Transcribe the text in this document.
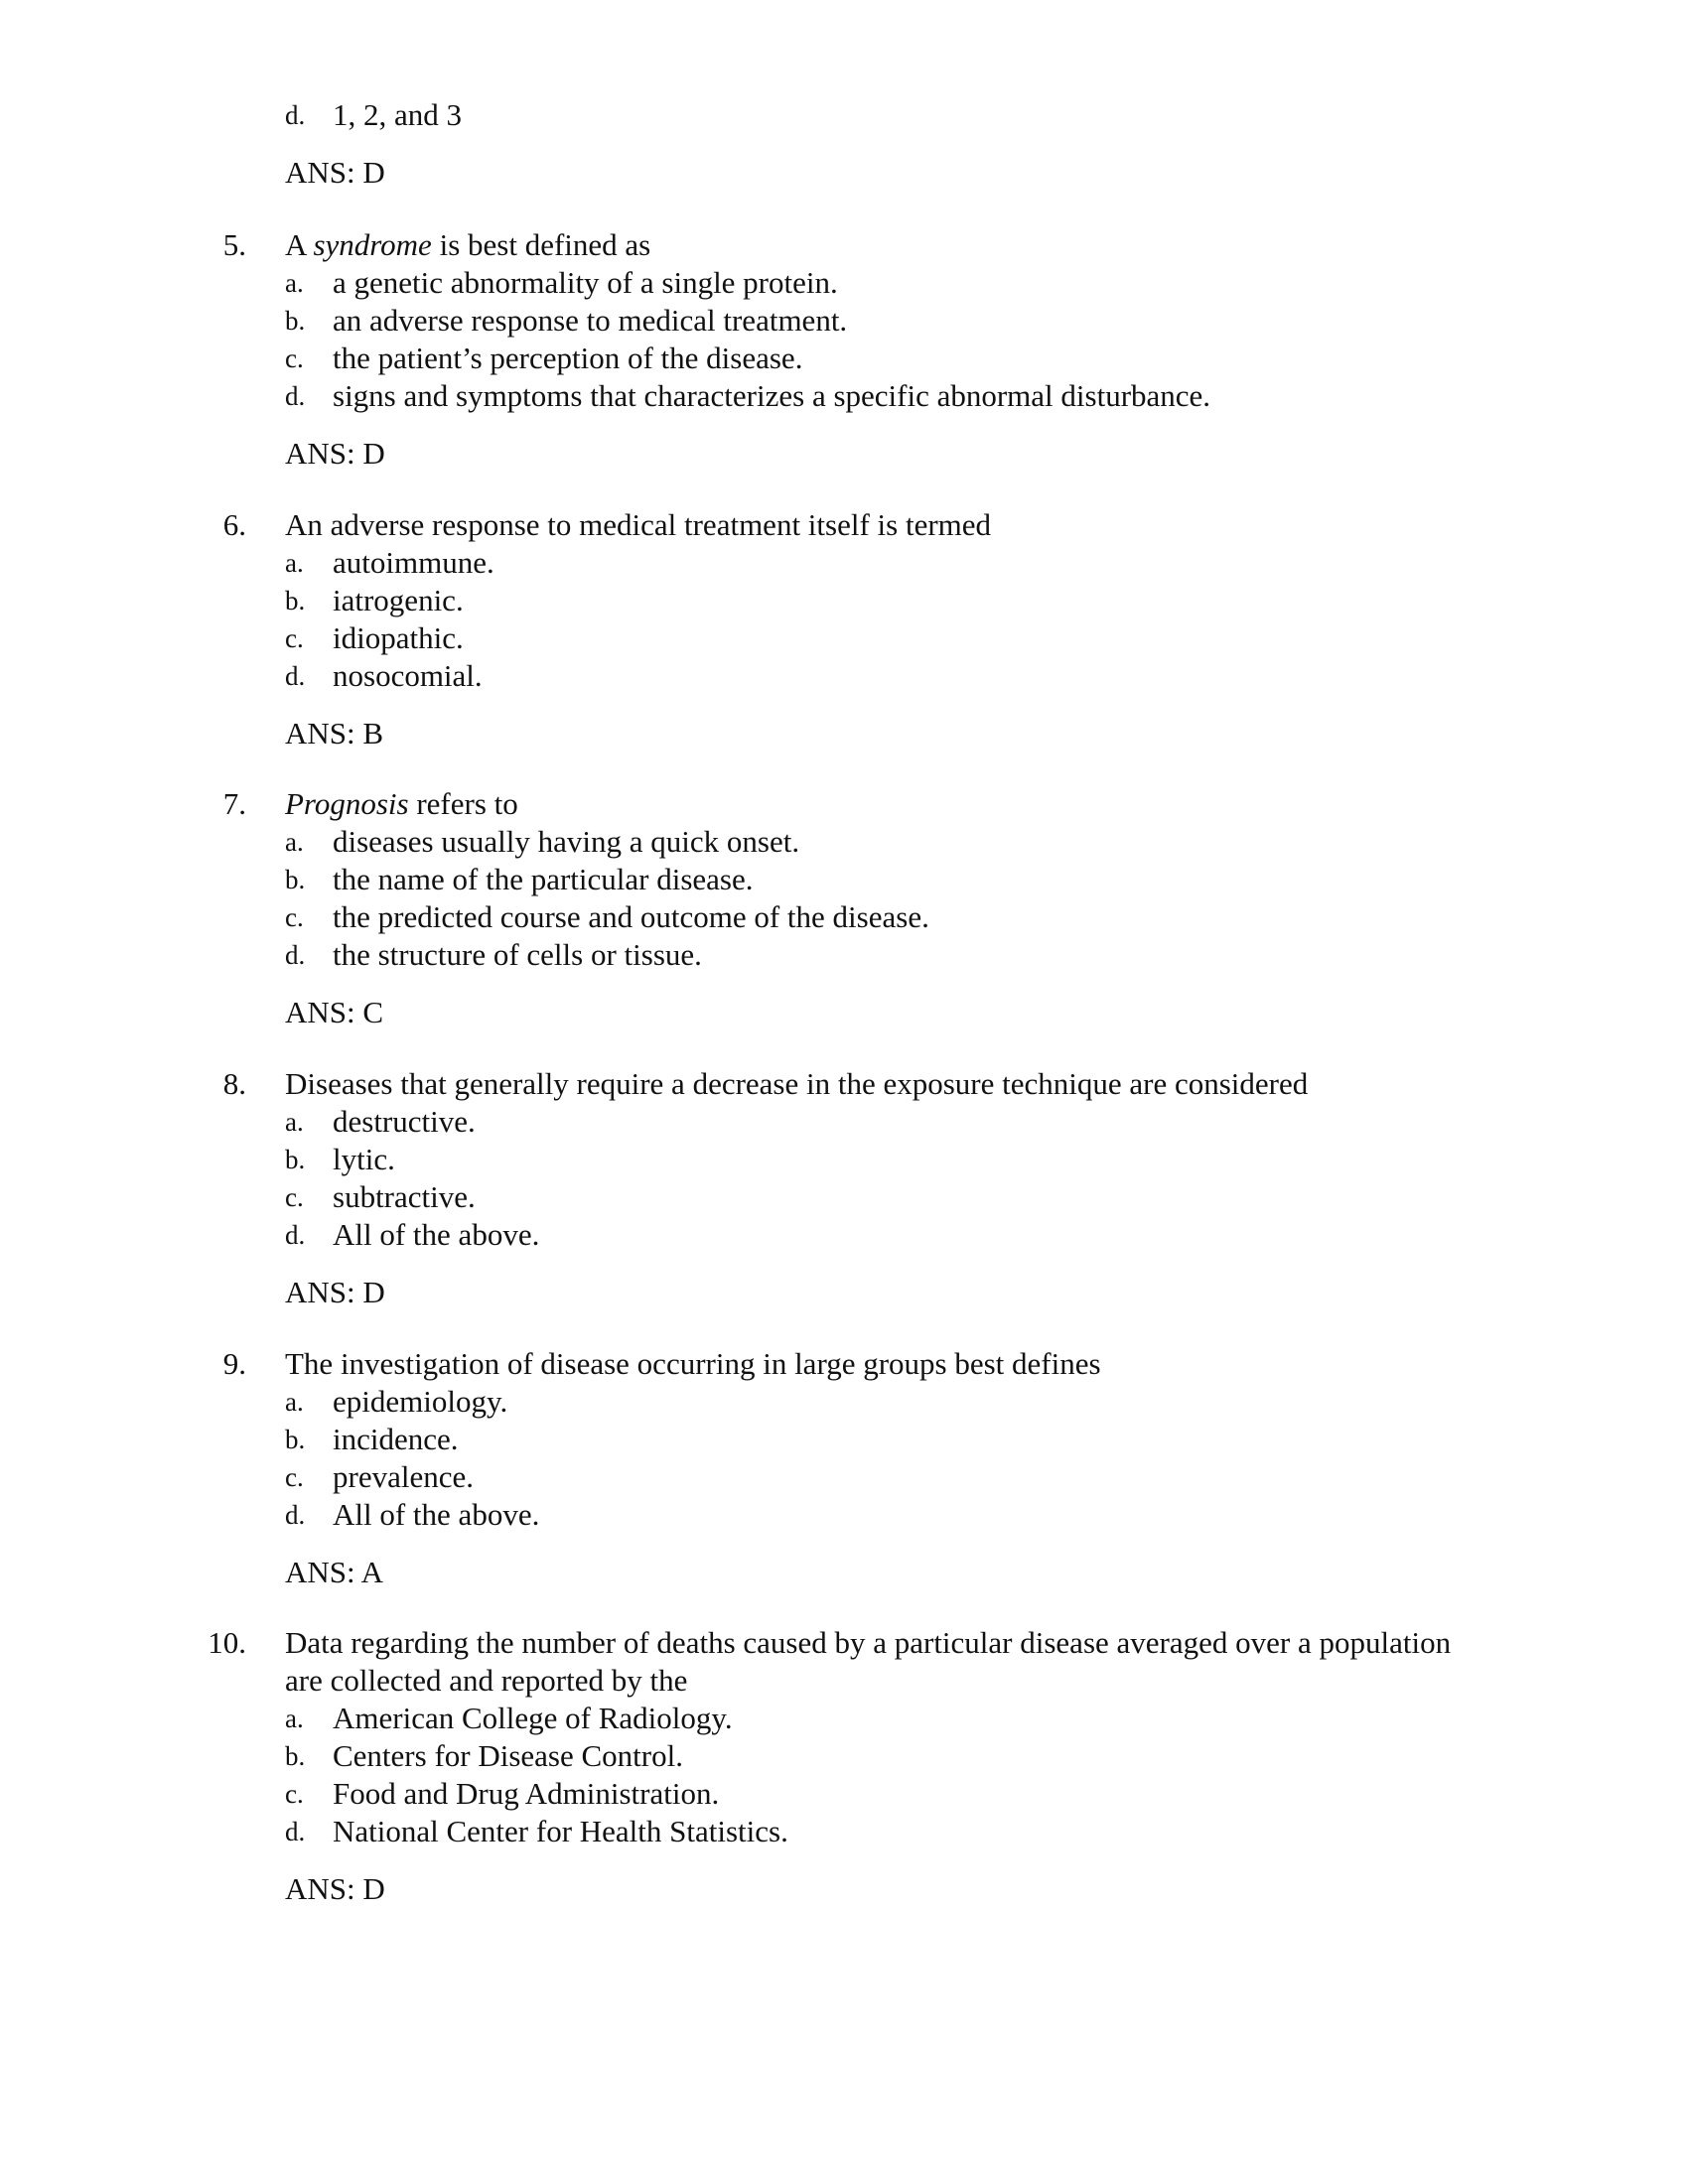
d. 1, 2, and 3
ANS: D
5. A syndrome is best defined as
a. a genetic abnormality of a single protein.
b. an adverse response to medical treatment.
c. the patient’s perception of the disease.
d. signs and symptoms that characterizes a specific abnormal disturbance.
ANS: D
6. An adverse response to medical treatment itself is termed
a. autoimmune.
b. iatrogenic.
c. idiopathic.
d. nosocomial.
ANS: B
7. Prognosis refers to
a. diseases usually having a quick onset.
b. the name of the particular disease.
c. the predicted course and outcome of the disease.
d. the structure of cells or tissue.
ANS: C
8. Diseases that generally require a decrease in the exposure technique are considered
a. destructive.
b. lytic.
c. subtractive.
d. All of the above.
ANS: D
9. The investigation of disease occurring in large groups best defines
a. epidemiology.
b. incidence.
c. prevalence.
d. All of the above.
ANS: A
10. Data regarding the number of deaths caused by a particular disease averaged over a population
are collected and reported by the
a. American College of Radiology.
b. Centers for Disease Control.
c. Food and Drug Administration.
d. National Center for Health Statistics.
ANS: D
